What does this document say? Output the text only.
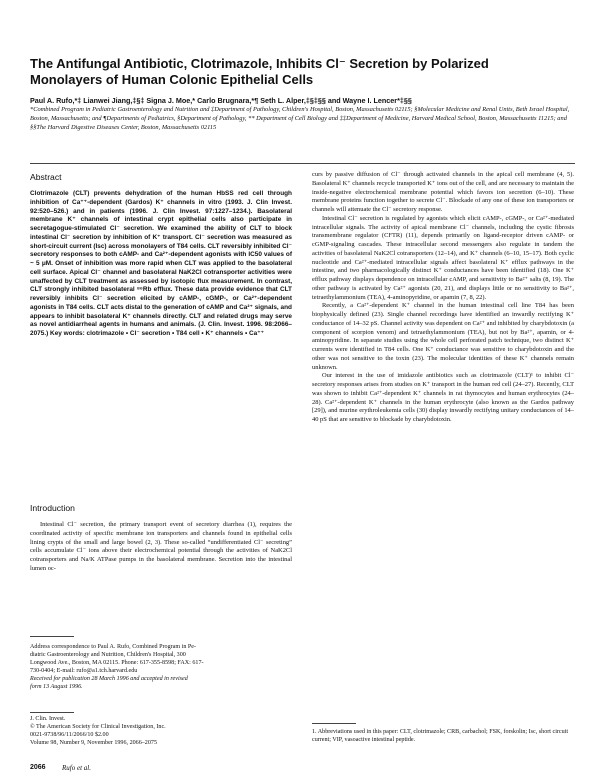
The Antifungal Antibiotic, Clotrimazole, Inhibits Cl⁻ Secretion by Polarized Monolayers of Human Colonic Epithelial Cells
Paul A. Rufo,*‡ Lianwei Jiang,‡§‡ Signa J. Moe,* Carlo Brugnara,*¶ Seth L. Alper,‡§‡§§ and Wayne I. Lencer*‡§§
*Combined Program in Pediatric Gastroenterology and Nutrition and ‡Department of Pathology, Children's Hospital, Boston, Massachusetts 02115; §Molecular Medicine and Renal Units, Beth Israel Hospital, Boston, Massachusetts; and ¶Departments of Pediatrics, §Department of Pathology, ** Department of Cell Biology and ‡‡Department of Medicine, Harvard Medical School, Boston, Massachusetts 11215; and §§The Harvard Digestive Diseases Center, Boston, Massachusetts 02115
Abstract
Clotrimazole (CLT) prevents dehydration of the human HbSS red cell through inhibition of Ca⁺⁺-dependent (Gardos) K⁺ channels in vitro (1993. J. Clin Invest. 92:520–526.) and in patients (1996. J. Clin Invest. 97:1227–1234.). Basolateral membrane K⁺ channels of intestinal crypt epithelial cells also participate in secretagogue-stimulated Cl⁻ secretion. We examined the ability of CLT to block intestinal Cl⁻ secretion by inhibition of K⁺ transport. Cl⁻ secretion was measured as short-circuit current (Isc) across monolayers of T84 cells. CLT reversibly inhibited Cl⁻ secretory responses to both cAMP- and Ca²⁺-dependent agonists with IC50 values of ~ 5 μM. Onset of inhibition was more rapid when CLT was applied to the basolateral cell surface. Apical Cl⁻ channel and basolateral NaK2Cl cotransporter activities were unaffected by CLT treatment as assessed by isotopic flux measurement. In contrast, CLT strongly inhibited basolateral ⁸⁶Rb efflux. These data provide evidence that CLT reversibly inhibits Cl⁻ secretion elicited by cAMP-, cGMP-, or Ca²⁺-dependent agonists in T84 cells. CLT acts distal to the generation of cAMP and Ca²⁺ signals, and appears to inhibit basolateral K⁺ channels directly. CLT and related drugs may serve as novel antidiarrheal agents in humans and animals. (J. Clin. Invest. 1996. 98:2066–2075.) Key words: clotrimazole • Cl⁻ secretion • T84 cell • K⁺ channels • Ca⁺⁺
Introduction

Intestinal Cl⁻ secretion, the primary transport event of secretory diarrhea (1), requires the coordinated activity of specific membrane ion transporters and channels found in epithelial cells lining crypts of the small and large bowel (2, 3). These so-called “undifferentiated Cl⁻ secreting” cells accumulate Cl⁻ ions above their electrochemical potential through the activities of NaK2Cl cotransporters and Na/K ATPase pumps in the basolateral membrane. Secretion into the intestinal lumen oc-

Address correspondence to Paul A. Rufo, Combined Program in Pe-
diatric Gastroenterology and Nutrition, Children's Hospital, 300
Longwood Ave., Boston, MA 02115. Phone: 617-355-8598; FAX: 617-
730-0404; E-mail: rufo@a1.tch.harvard.edu
Received for publication 28 March 1996 and accepted in revised
form 13 August 1996.
J. Clin. Invest.
© The American Society for Clinical Investigation, Inc.
0021-9738/96/11/2066/10 $2.00
Volume 98, Number 9, November 1996, 2066–2075

curs by passive diffusion of Cl⁻ through activated channels in the apical cell membrane (4, 5). Basolateral K⁺ channels recycle transported K⁺ ions out of the cell, and are necessary to maintain the inside-negative electrochemical membrane potential which favors ion secretion (6–10). These membrane proteins function together to secrete Cl⁻. Blockade of any one of these ion transporters or channels will attenuate the Cl⁻ secretory response.

Intestinal Cl⁻ secretion is regulated by agonists which elicit cAMP-, cGMP-, or Ca²⁺-mediated intracellular signals. The activity of apical membrane Cl⁻ channels, including the cystic fibrosis transmembrane regulator (CFTR) (11), depends primarily on ligand-receptor driven cAMP- or cGMP-signaling cascades. These intracellular second messengers also regulate in tandem the activities of basolateral NaK2Cl cotransporters (12–14), and K⁺ channels (6–10, 15–17). Both cyclic nucleotide and Ca²⁺-mediated intracellular signals affect basolateral K⁺ efflux pathways in the intestine, and two pharmacologically distinct K⁺ conductances have been identified (18). One K⁺ efflux pathway displays dependence on intracellular cAMP, and sensitivity to Ba²⁺ salts (8, 19). The other pathway is activated by Ca²⁺ agonists (20, 21), and displays little or no sensitivity to Ba²⁺, tetraethylammonium (TEA), 4-aminopyridine, or apamin (7, 8, 22).

Recently, a Ca²⁺-dependent K⁺ channel in the human intestinal cell line T84 has been biophysically defined (23). Single channel recordings have identified an inwardly rectifying K⁺ conductance of 14–32 pS. Channel activity was dependent on Ca²⁺ and inhibited by charybdotoxin (a component of scorpion venom) and tetraethylammonium (TEA), but not by Ba²⁺, apamin, or 4-aminopyridine. In separate studies using the whole cell perforated patch technique, two distinct K⁺ currents were identified in T84 cells. One K⁺ conductance was sensitive to charybdotoxin and the other was not sensitive to the toxin (23). The molecular identities of these K⁺ channels remain unknown.

Our interest in the use of imidazole antibiotics such as clotrimazole (CLT)¹ to inhibit Cl⁻ secretory responses arises from studies on K⁺ transport in the human red cell (24–27). Recently, CLT was shown to inhibit Ca²⁺-dependent K⁺ channels in rat thymocytes and human erythrocytes (24–28). Ca²⁺-dependent K⁺ channels in the human erythrocyte (also known as the Gardos pathway [29]), and murine erythroleukemia cells (30) display inwardly rectifying unitary conductances of 14–40 pS that are sensitive to blockade by charybdotoxin.

1. Abbreviations used in this paper: CLT, clotrimazole; CRB, carbachol; FSK, forskolin; Isc, short circuit current; VIP, vasoactive intestinal peptide.
2066 Rufo et al.
